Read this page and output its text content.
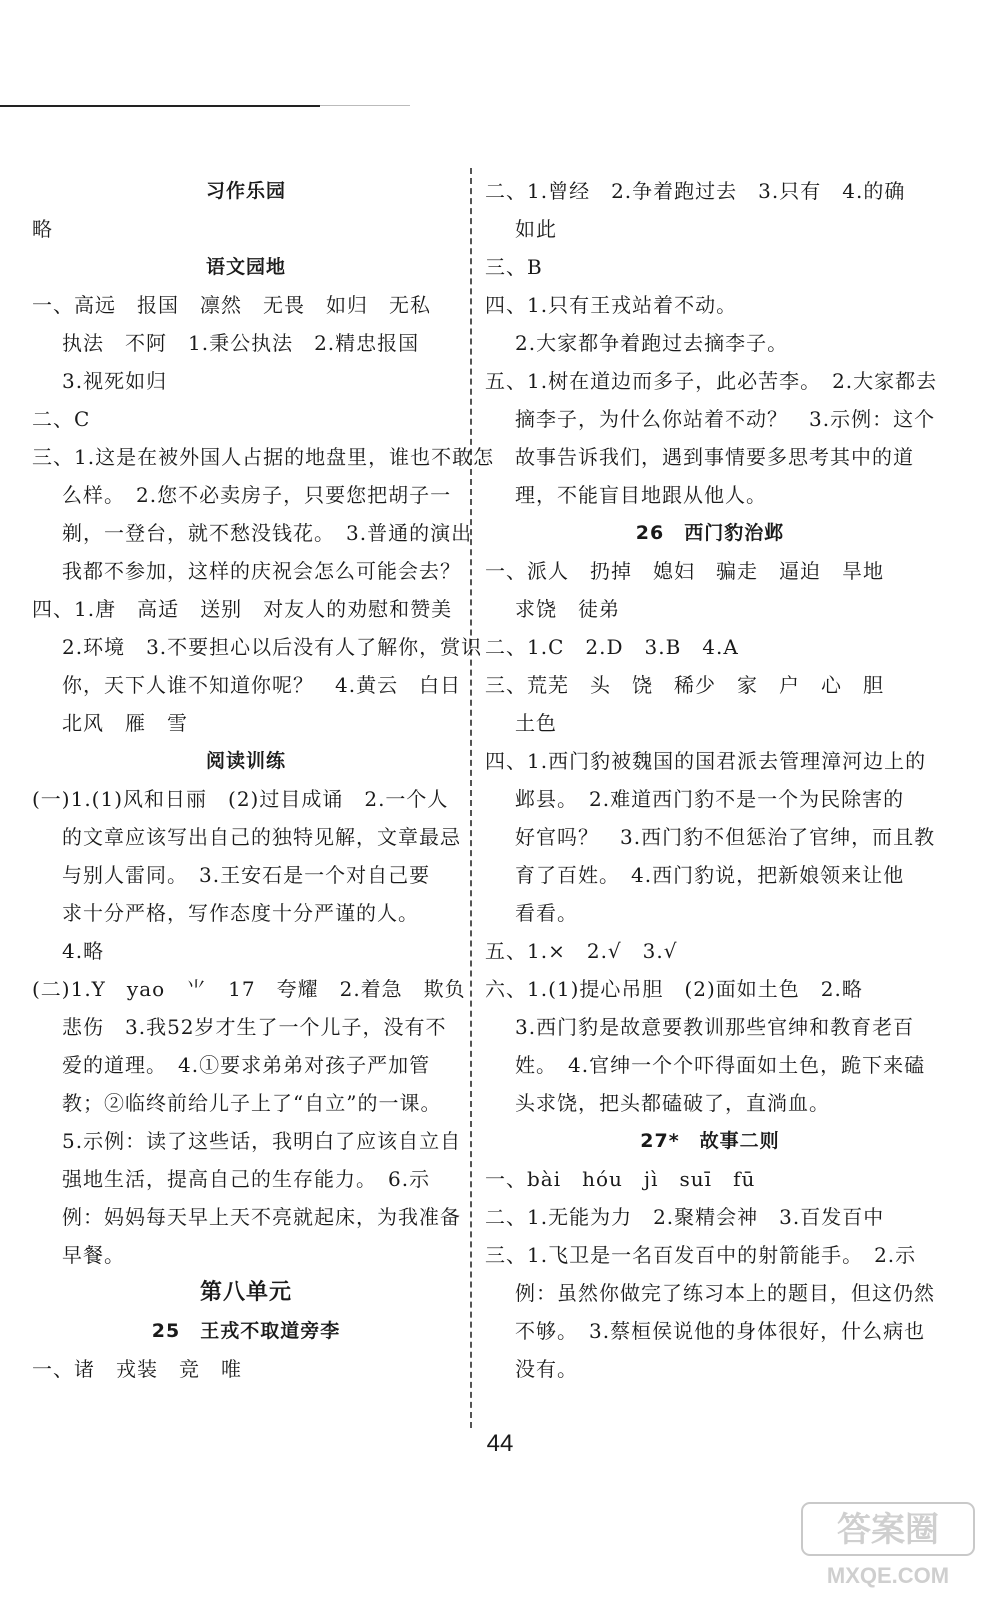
习作乐园
略
语文园地
一、高远　报国　凛然　无畏　如归　无私
执法　不阿　1.秉公执法　2.精忠报国
3.视死如归
二、C
三、1.这是在被外国人占据的地盘里，谁也不敢怎
么样。　2.您不必卖房子，只要您把胡子一
剃，一登台，就不愁没钱花。　3.普通的演出
我都不参加，这样的庆祝会怎么可能会去？
四、1.唐　高适　送别　对友人的劝慰和赞美
2.环境　3.不要担心以后没有人了解你，赏识
你，天下人谁不知道你呢？　4.黄云　白日
北风　雁　雪
阅读训练
(一)1.(1)风和日丽　(2)过目成诵　2.一个人
的文章应该写出自己的独特见解，文章最忌
与别人雷同。　3.王安石是一个对自己要
求十分严格，写作态度十分严谨的人。
4.略
(二)1.Y　yao　⺌　17　夸耀　2.着急　欺负
悲伤　3.我52岁才生了一个儿子，没有不
爱的道理。　4.①要求弟弟对孩子严加管
教；②临终前给儿子上了“自立”的一课。
5.示例：读了这些话，我明白了应该自立自
强地生活，提高自己的生存能力。　6.示
例：妈妈每天早上天不亮就起床，为我准备
早餐。
第八单元
25　王戎不取道旁李
一、诸　戎装　竞　唯
二、1.曾经　2.争着跑过去　3.只有　4.的确
如此
三、B
四、1.只有王戎站着不动。
2.大家都争着跑过去摘李子。
五、1.树在道边而多子，此必苦李。　2.大家都去
摘李子，为什么你站着不动？　3.示例：这个
故事告诉我们，遇到事情要多思考其中的道
理，不能盲目地跟从他人。
26　西门豹治邺
一、派人　扔掉　媳妇　骗走　逼迫　旱地
求饶　徒弟
二、1.C　2.D　3.B　4.A
三、荒芜　头　饶　稀少　家　户　心　胆
土色
四、1.西门豹被魏国的国君派去管理漳河边上的
邺县。　2.难道西门豹不是一个为民除害的
好官吗？　3.西门豹不但惩治了官绅，而且教
育了百姓。　4.西门豹说，把新娘领来让他
看看。
五、1.×　2.√　3.√
六、1.(1)提心吊胆　(2)面如土色　2.略
3.西门豹是故意要教训那些官绅和教育老百
姓。　4.官绅一个个吓得面如土色，跪下来磕
头求饶，把头都磕破了，直淌血。
27*　故事二则
一、bài　hóu　jì　suī　fū
二、1.无能为力　2.聚精会神　3.百发百中
三、1.飞卫是一名百发百中的射箭能手。　2.示
例：虽然你做完了练习本上的题目，但这仍然
不够。　3.蔡桓侯说他的身体很好，什么病也
没有。
44
答案圈
MXQE.COM
